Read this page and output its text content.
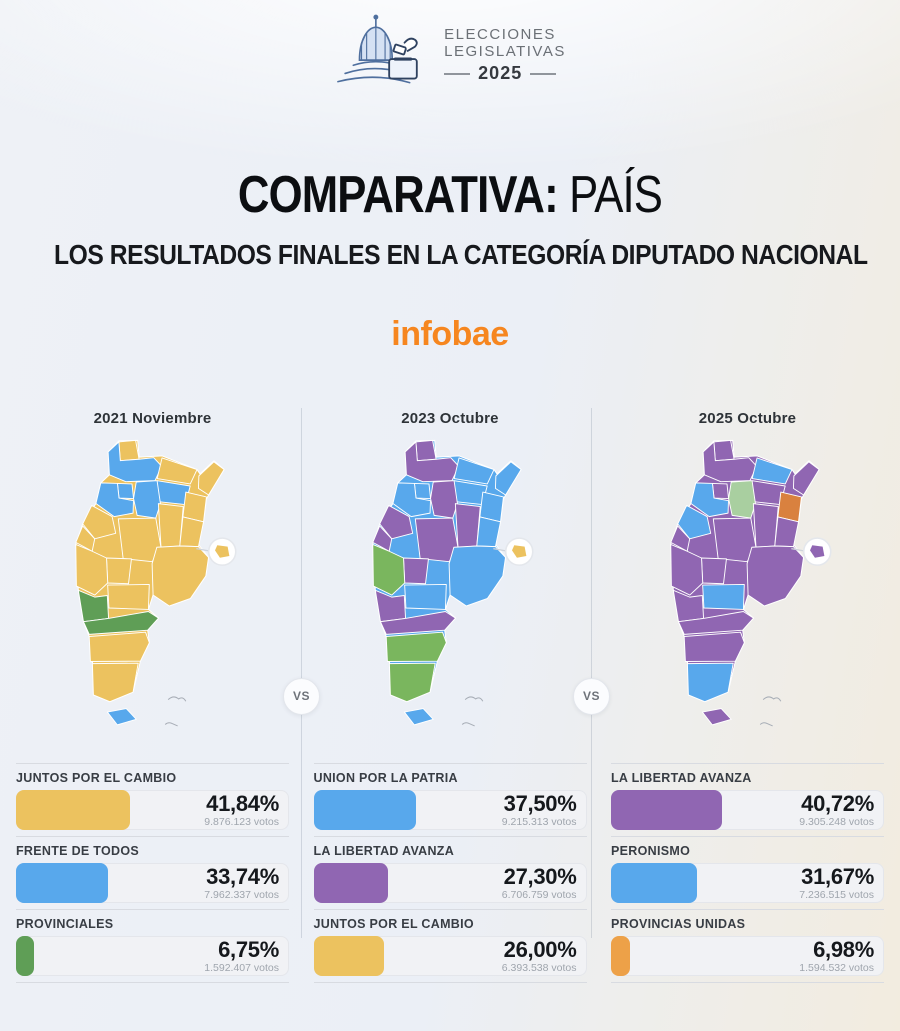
ELECCIONES
LEGISLATIVAS
2025
COMPARATIVA: PAÍS
LOS RESULTADOS FINALES EN LA CATEGORÍA DIPUTADO NACIONAL
infobae
VS	VS
2021 Noviembre
JUNTOS POR EL CAMBIO
41,84%
9.876.123 votos
FRENTE DE TODOS
33,74%
7.962.337 votos
PROVINCIALES
6,75%
1.592.407 votos
2023 Octubre
UNION POR LA PATRIA
37,50%
9.215.313 votos
LA LIBERTAD AVANZA
27,30%
6.706.759 votos
JUNTOS POR EL CAMBIO
26,00%
6.393.538 votos
2025 Octubre
LA LIBERTAD AVANZA
40,72%
9.305.248 votos
PERONISMO
31,67%
7.236.515 votos
PROVINCIAS UNIDAS
6,98%
1.594.532 votos
